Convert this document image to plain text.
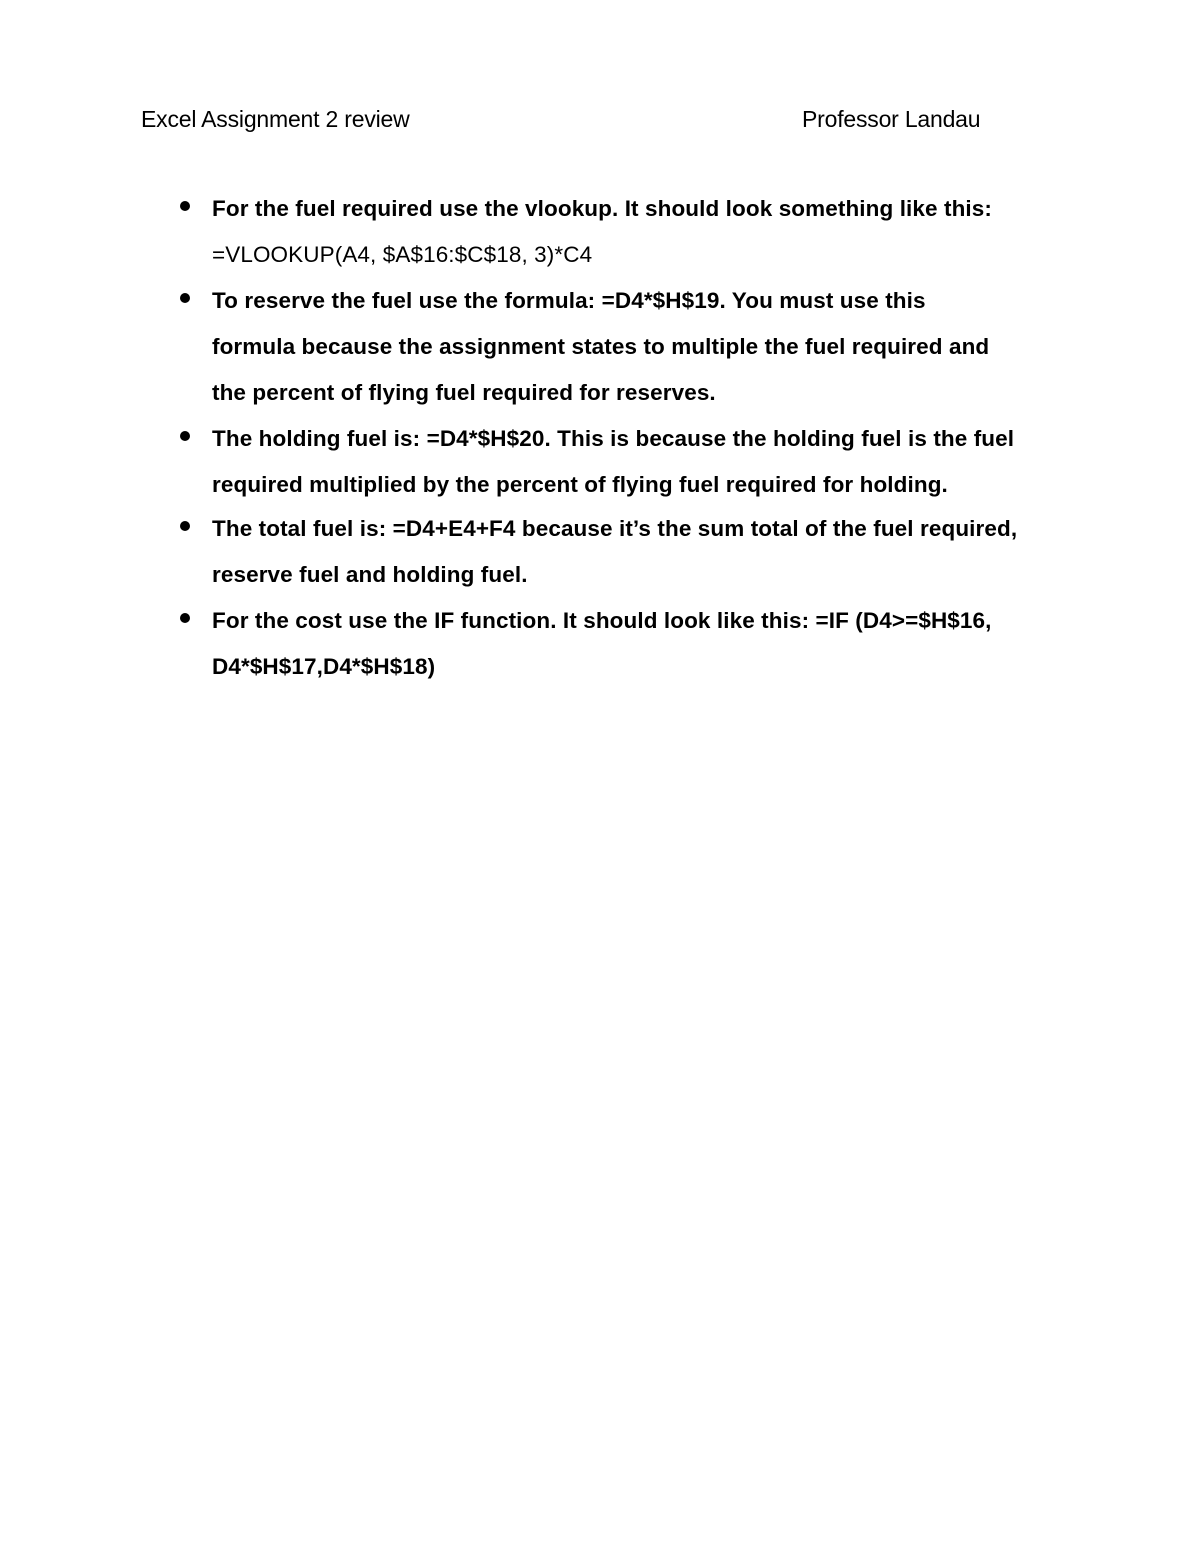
Excel Assignment 2 review	Professor Landau
For the fuel required use the vlookup. It should look something like this:
=VLOOKUP(A4, $A$16:$C$18, 3)*C4
To reserve the fuel use the formula: =D4*$H$19. You must use this
formula because the assignment states to multiple the fuel required and
the percent of flying fuel required for reserves.
The holding fuel is: =D4*$H$20. This is because the holding fuel is the fuel
required multiplied by the percent of flying fuel required for holding.
The total fuel is: =D4+E4+F4 because it’s the sum total of the fuel required,
reserve fuel and holding fuel.
For the cost use the IF function. It should look like this: =IF (D4>=$H$16,
D4*$H$17,D4*$H$18)
